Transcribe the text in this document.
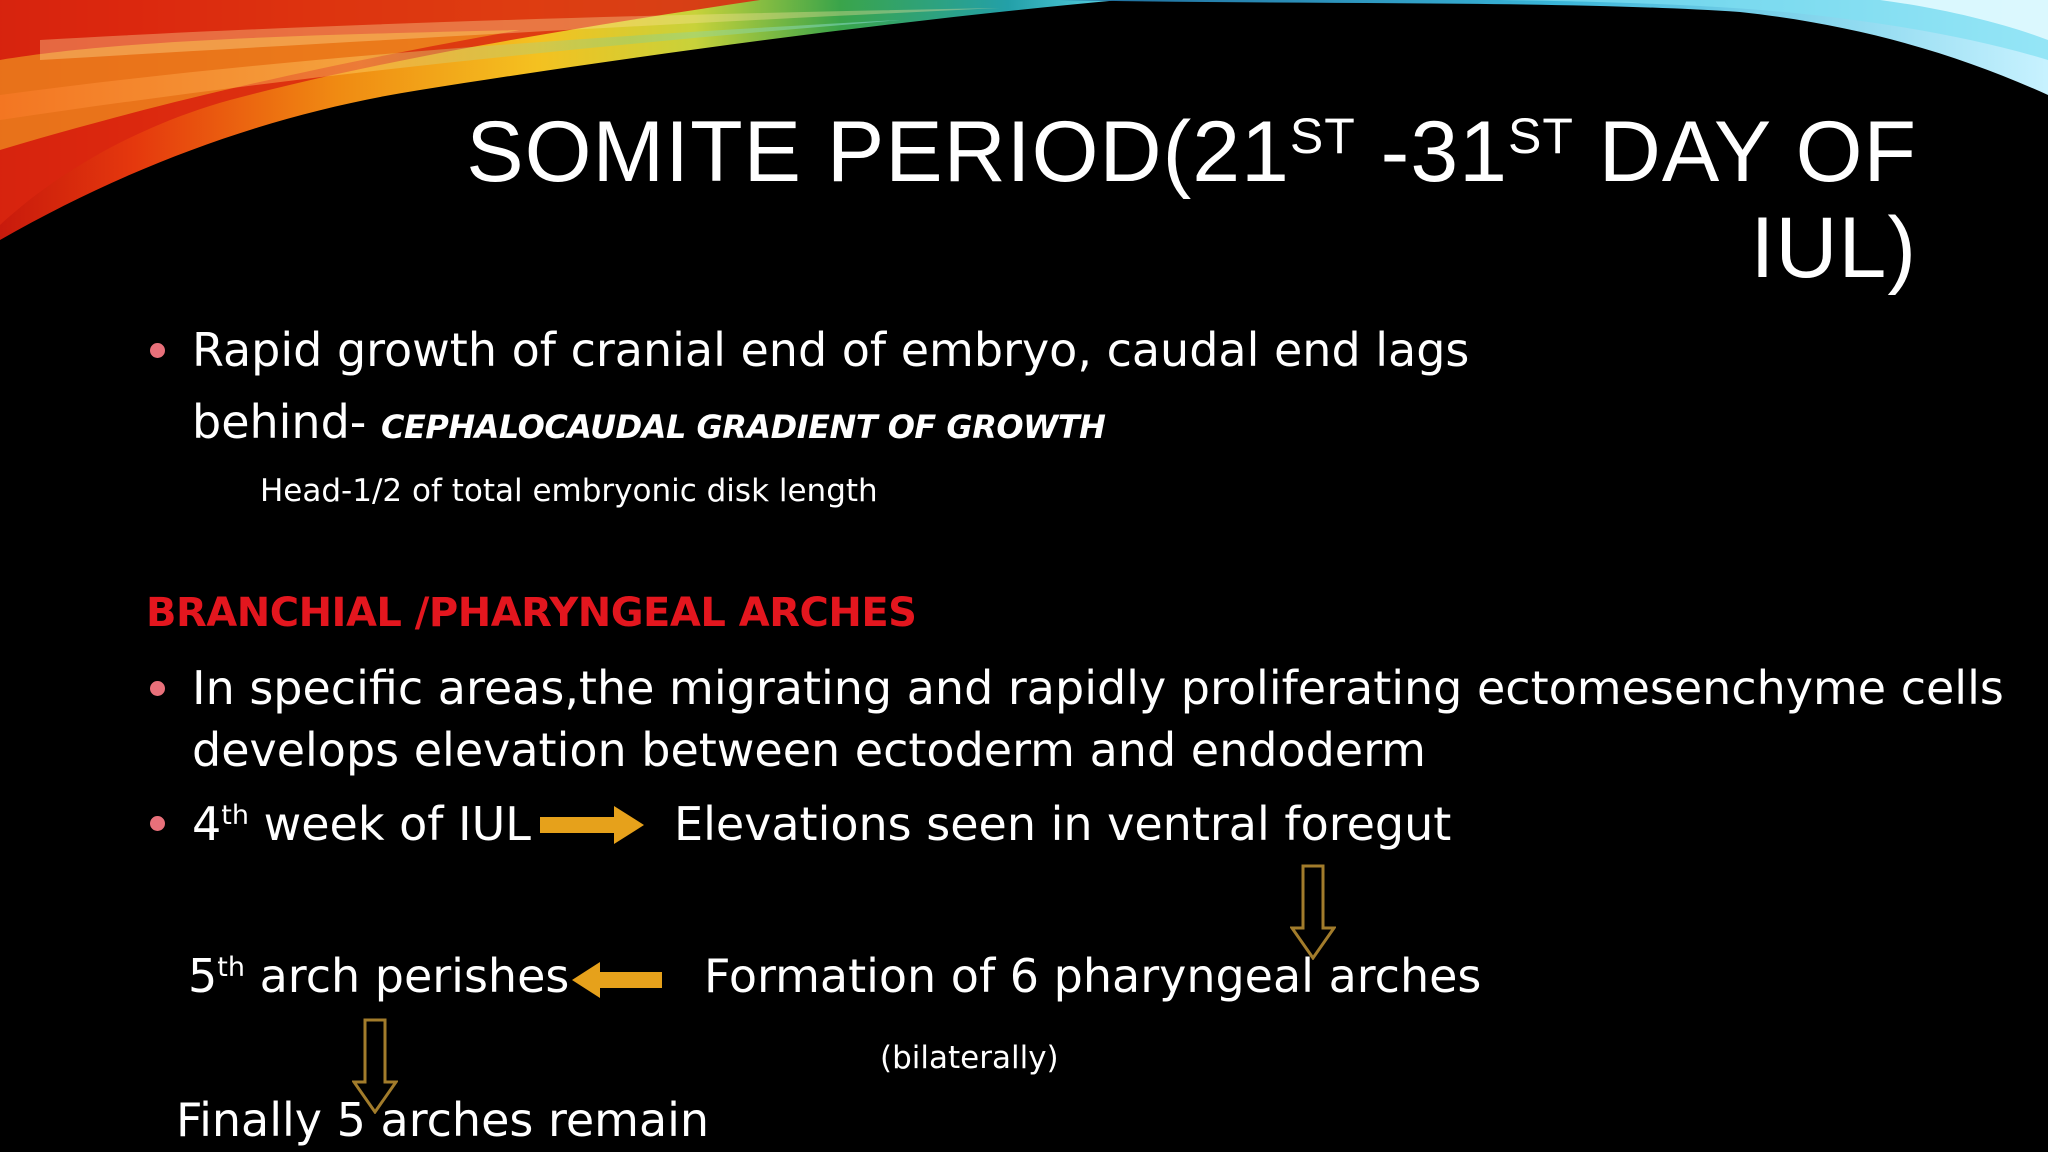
SOMITE PERIOD(21ST -31ST DAY OF
IUL)
Rapid growth of cranial end of embryo, caudal end lags
behind- CEPHALOCAUDAL GRADIENT OF GROWTH
Head-1/2 of total embryonic disk length
BRANCHIAL /PHARYNGEAL ARCHES
In specific areas,the migrating and rapidly proliferating ectomesenchyme cells
develops elevation between ectoderm and endoderm
4th week of IUL	Elevations seen in ventral foregut
5th arch perishes	Formation of 6 pharyngeal arches
(bilaterally)
Finally 5 arches remain
